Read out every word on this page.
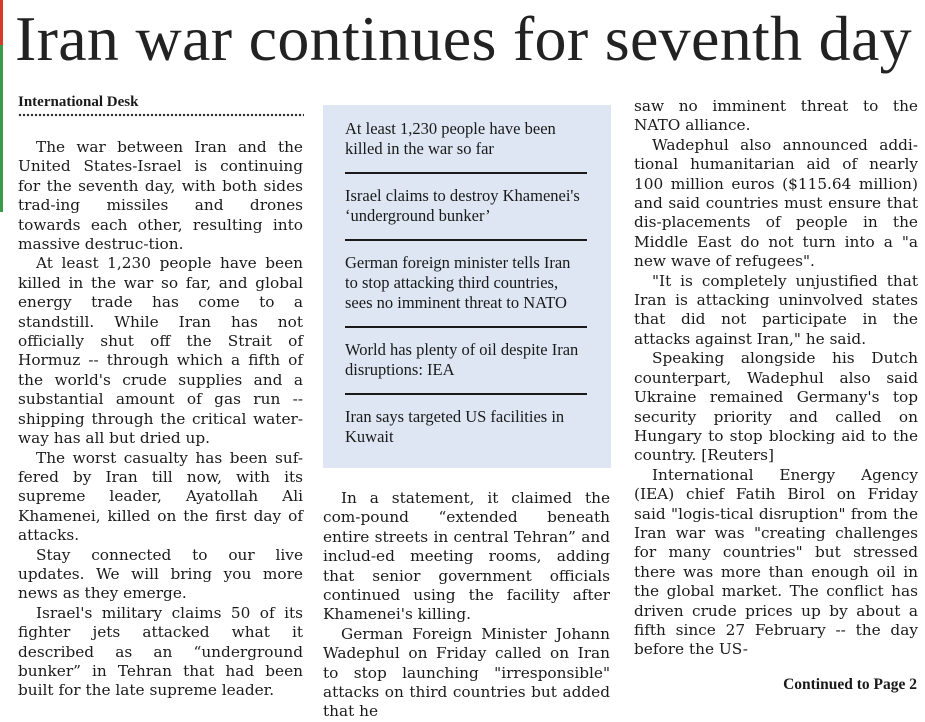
Iran war continues for seventh day
International Desk

The war between Iran and the United States-Israel is continuing for the seventh day, with both sides trad-ing missiles and drones towards each other, resulting into massive destruc-tion.

At least 1,230 people have been killed in the war so far, and global energy trade has come to a standstill. While Iran has not officially shut off the Strait of Hormuz -- through which a fifth of the world's crude supplies and a substantial amount of gas run -- shipping through the critical water-way has all but dried up.

The worst casualty has been suf-fered by Iran till now, with its supreme leader, Ayatollah Ali Khamenei, killed on the first day of attacks.

Stay connected to our live updates. We will bring you more news as they emerge.

Israel's military claims 50 of its fighter jets attacked what it described as an “underground bunker” in Tehran that had been built for the late supreme leader.

At least 1,230 people have been killed in the war so far
Israel claims to destroy Khamenei's ‘underground bunker’
German foreign minister tells Iran to stop attacking third countries, sees no imminent threat to NATO
World has plenty of oil despite Iran disruptions: IEA
Iran says targeted US facilities in Kuwait

In a statement, it claimed the com-pound “extended beneath entire streets in central Tehran” and includ-ed meeting rooms, adding that senior government officials continued using the facility after Khamenei's killing.

German Foreign Minister Johann Wadephul on Friday called on Iran to stop launching "irresponsible" attacks on third countries but added that he

saw no imminent threat to the NATO alliance.

Wadephul also announced addi-tional humanitarian aid of nearly 100 million euros ($115.64 million) and said countries must ensure that dis-placements of people in the Middle East do not turn into a "a new wave of refugees".

"It is completely unjustified that Iran is attacking uninvolved states that did not participate in the attacks against Iran," he said.

Speaking alongside his Dutch counterpart, Wadephul also said Ukraine remained Germany's top security priority and called on Hungary to stop blocking aid to the country. [Reuters]

International Energy Agency (IEA) chief Fatih Birol on Friday said "logis-tical disruption" from the Iran war was "creating challenges for many countries" but stressed there was more than enough oil in the global market. The conflict has driven crude prices up by about a fifth since 27 February -- the day before the US-

Continued to Page 2
